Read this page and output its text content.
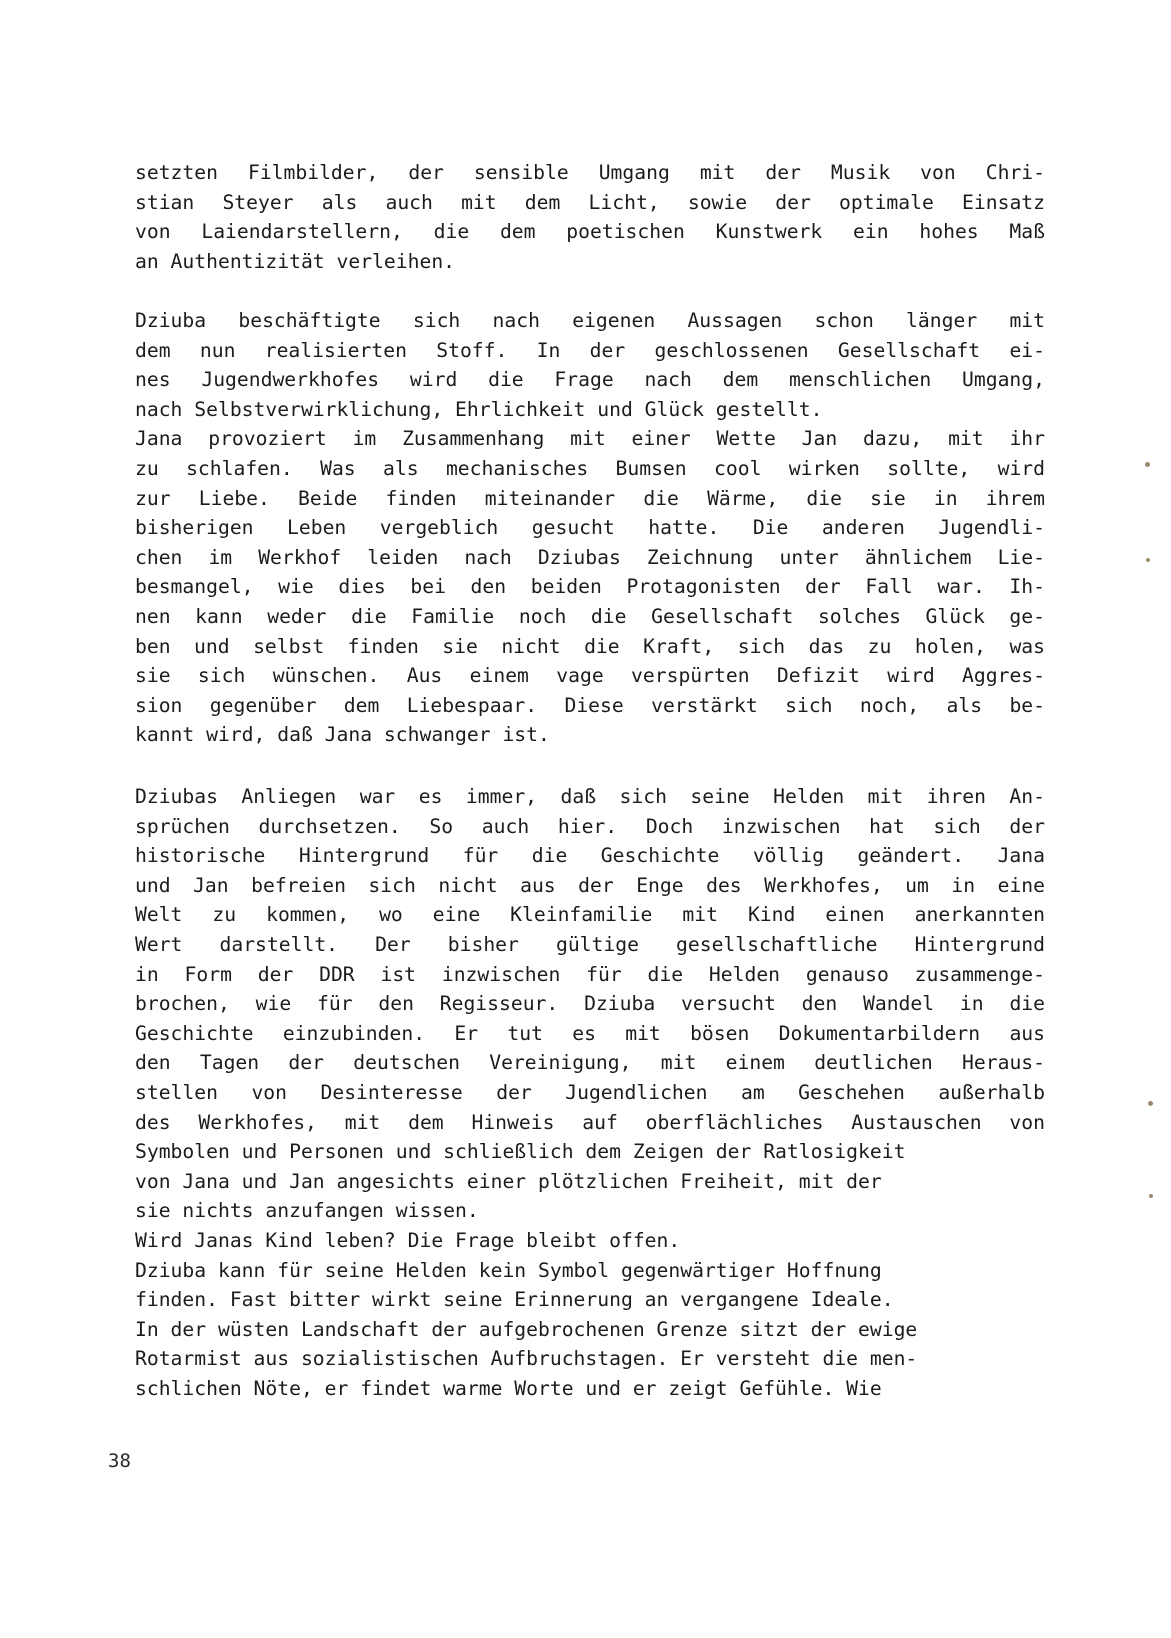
setzten Filmbilder, der sensible Umgang mit der Musik von Chri-
stian Steyer als auch mit dem Licht, sowie der optimale Einsatz
von Laiendarstellern, die dem poetischen Kunstwerk ein hohes Maß
an Authentizität verleihen.
Dziuba beschäftigte sich nach eigenen Aussagen schon länger mit
dem nun realisierten Stoff. In der geschlossenen Gesellschaft ei-
nes Jugendwerkhofes wird die Frage nach dem menschlichen Umgang,
nach Selbstverwirklichung, Ehrlichkeit und Glück gestellt.
Jana provoziert im Zusammenhang mit einer Wette Jan dazu, mit ihr
zu schlafen. Was als mechanisches Bumsen cool wirken sollte, wird
zur Liebe. Beide finden miteinander die Wärme, die sie in ihrem
bisherigen Leben vergeblich gesucht hatte. Die anderen Jugendli-
chen im Werkhof leiden nach Dziubas Zeichnung unter ähnlichem Lie-
besmangel, wie dies bei den beiden Protagonisten der Fall war. Ih-
nen kann weder die Familie noch die Gesellschaft solches Glück ge-
ben und selbst finden sie nicht die Kraft, sich das zu holen, was
sie sich wünschen. Aus einem vage verspürten Defizit wird Aggres-
sion gegenüber dem Liebespaar. Diese verstärkt sich noch, als be-
kannt wird, daß Jana schwanger ist.
Dziubas Anliegen war es immer, daß sich seine Helden mit ihren An-
sprüchen durchsetzen. So auch hier. Doch inzwischen hat sich der
historische Hintergrund für die Geschichte völlig geändert. Jana
und Jan befreien sich nicht aus der Enge des Werkhofes, um in eine
Welt zu kommen, wo eine Kleinfamilie mit Kind einen anerkannten
Wert darstellt. Der bisher gültige gesellschaftliche Hintergrund
in Form der DDR ist inzwischen für die Helden genauso zusammenge-
brochen, wie für den Regisseur. Dziuba versucht den Wandel in die
Geschichte einzubinden. Er tut es mit bösen Dokumentarbildern aus
den Tagen der deutschen Vereinigung, mit einem deutlichen Heraus-
stellen von Desinteresse der Jugendlichen am Geschehen außerhalb
des Werkhofes, mit dem Hinweis auf oberflächliches Austauschen von
Symbolen und Personen und schließlich dem Zeigen der Ratlosigkeit
von Jana und Jan angesichts einer plötzlichen Freiheit, mit der
sie nichts anzufangen wissen.
Wird Janas Kind leben? Die Frage bleibt offen.
Dziuba kann für seine Helden kein Symbol gegenwärtiger Hoffnung
finden. Fast bitter wirkt seine Erinnerung an vergangene Ideale.
In der wüsten Landschaft der aufgebrochenen Grenze sitzt der ewige
Rotarmist aus sozialistischen Aufbruchstagen. Er versteht die men-
schlichen Nöte, er findet warme Worte und er zeigt Gefühle. Wie
38
